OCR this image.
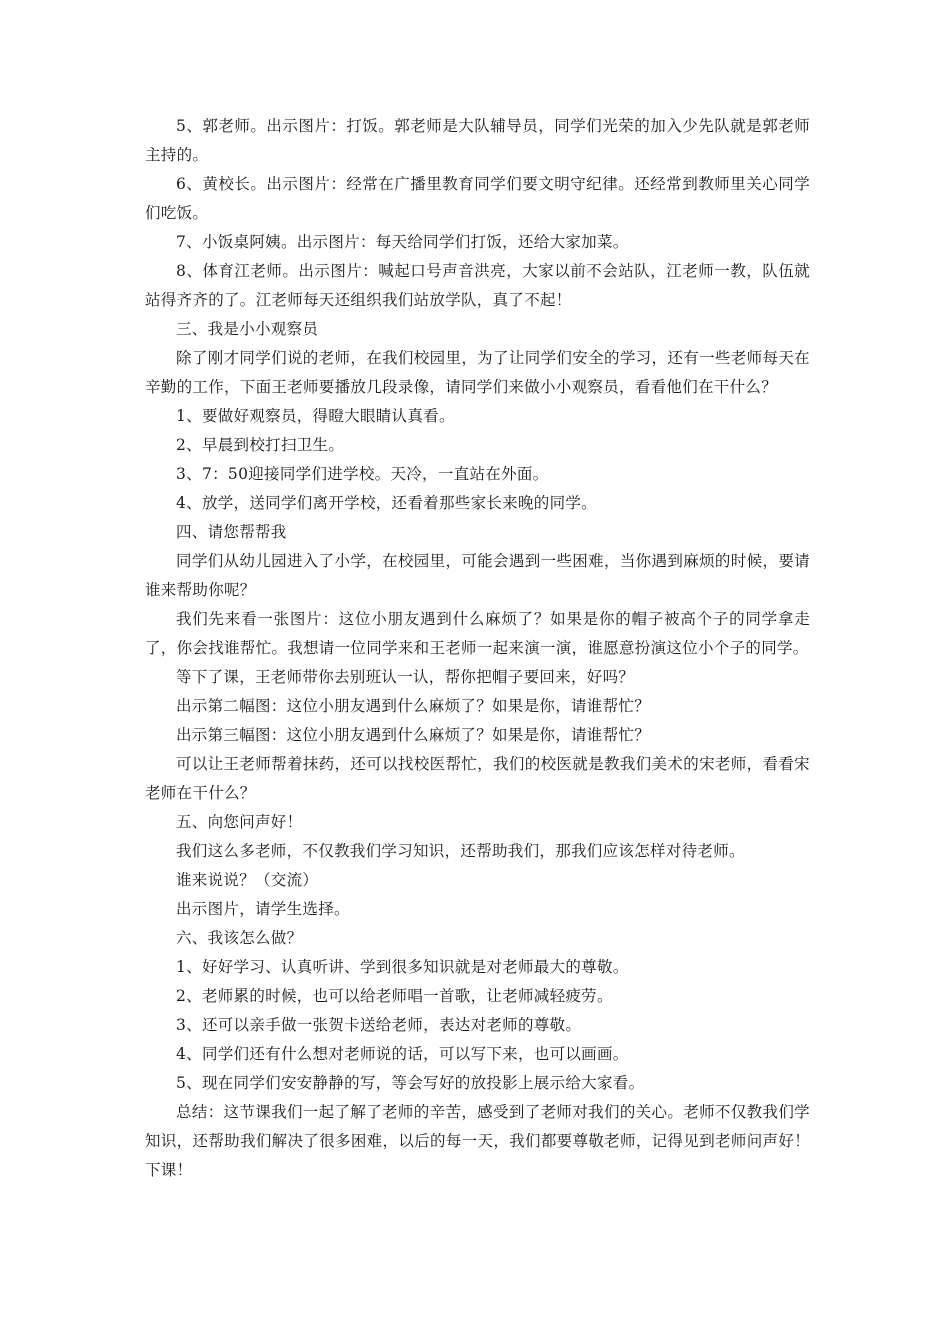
5、郭老师。出示图片：打饭。郭老师是大队辅导员，同学们光荣的加入少先队就是郭老师主持的。

6、黄校长。出示图片：经常在广播里教育同学们要文明守纪律。还经常到教师里关心同学们吃饭。

7、小饭桌阿姨。出示图片：每天给同学们打饭，还给大家加菜。

8、体育江老师。出示图片：喊起口号声音洪亮，大家以前不会站队，江老师一教，队伍就站得齐齐的了。江老师每天还组织我们站放学队，真了不起！

三、我是小小观察员

除了刚才同学们说的老师，在我们校园里，为了让同学们安全的学习，还有一些老师每天在辛勤的工作，下面王老师要播放几段录像，请同学们来做小小观察员，看看他们在干什么？

1、要做好观察员，得瞪大眼睛认真看。

2、早晨到校打扫卫生。

3、7：50迎接同学们进学校。天冷，一直站在外面。

4、放学，送同学们离开学校，还看着那些家长来晚的同学。

四、请您帮帮我

同学们从幼儿园进入了小学，在校园里，可能会遇到一些困难，当你遇到麻烦的时候，要请谁来帮助你呢？

我们先来看一张图片：这位小朋友遇到什么麻烦了？如果是你的帽子被高个子的同学拿走了，你会找谁帮忙。我想请一位同学来和王老师一起来演一演，谁愿意扮演这位小个子的同学。

等下了课，王老师带你去别班认一认，帮你把帽子要回来，好吗？

出示第二幅图：这位小朋友遇到什么麻烦了？如果是你，请谁帮忙？

出示第三幅图：这位小朋友遇到什么麻烦了？如果是你，请谁帮忙？

可以让王老师帮着抹药，还可以找校医帮忙，我们的校医就是教我们美术的宋老师，看看宋老师在干什么？

五、向您问声好！

我们这么多老师，不仅教我们学习知识，还帮助我们，那我们应该怎样对待老师。

谁来说说？（交流）

出示图片，请学生选择。

六、我该怎么做？

1、好好学习、认真听讲、学到很多知识就是对老师最大的尊敬。

2、老师累的时候，也可以给老师唱一首歌，让老师减轻疲劳。

3、还可以亲手做一张贺卡送给老师，表达对老师的尊敬。

4、同学们还有什么想对老师说的话，可以写下来，也可以画画。

5、现在同学们安安静静的写，等会写好的放投影上展示给大家看。

总结：这节课我们一起了解了老师的辛苦，感受到了老师对我们的关心。老师不仅教我们学知识，还帮助我们解决了很多困难，以后的每一天，我们都要尊敬老师，记得见到老师问声好！下课！
